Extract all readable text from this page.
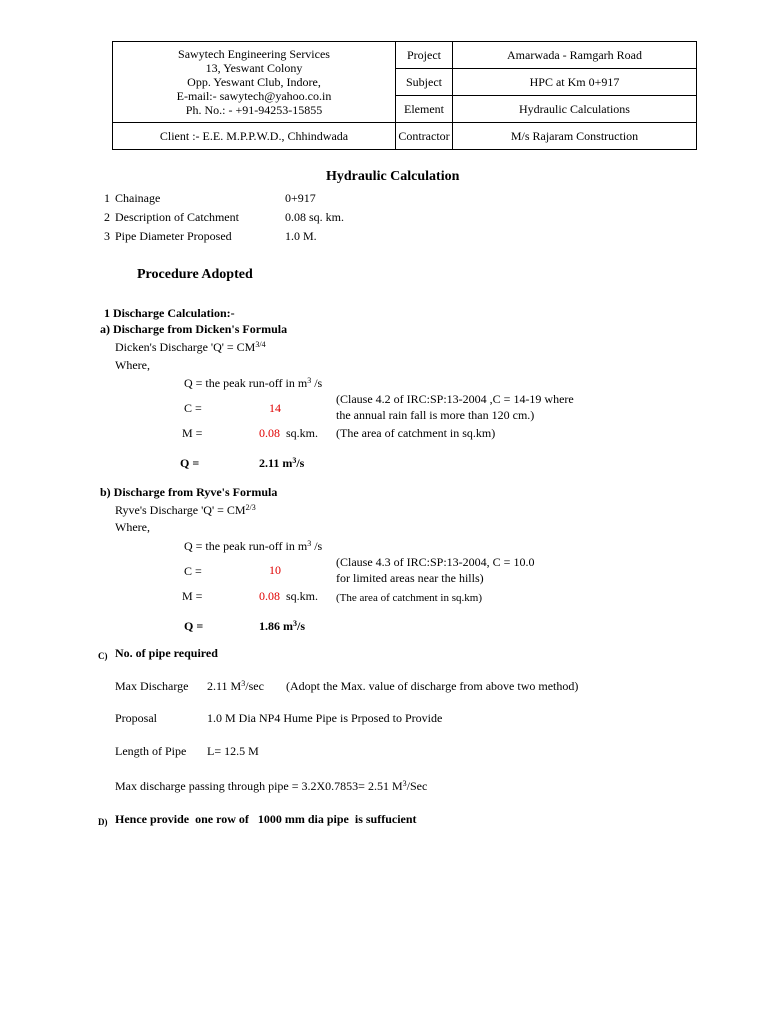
Sawytech Engineering Services
13, Yeswant Colony
Opp. Yeswant Club, Indore,
E-mail:- sawytech@yahoo.co.in
Ph. No.: - +91-94253-15855	Project	Amarwada - Ramgarh Road
	Subject	HPC at Km 0+917
	Element	Hydraulic Calculations
Client :- E.E. M.P.P.W.D., Chhindwada	Contractor	M/s Rajaram Construction
Hydraulic Calculation
1 Chainage	0+917
2 Description of Catchment	0.08 sq. km.
3 Pipe Diameter Proposed	1.0 M.
Procedure Adopted
1 Discharge Calculation:-
a) Discharge from Dicken's Formula
Dicken's Discharge '$Q' = CM^{3/4}$
Where,
Q = the peak run-off in $m^3$ /s
C =	14
(Clause 4.2 of IRC:SP:13-2004 ,C = 14-19 where
the annual rain fall is more than 120 cm.)
M =	0.08 sq.km. (The area of catchment in sq.km)
Q =	2.11 $m^3/s$
b) Discharge from Ryve's Formula
Ryve's Discharge '$Q' = CM^{2/3}$
Where,
Q = the peak run-off in $m^3$ /s
C =	10
(Clause 4.3 of IRC:SP:13-2004, C = 10.0
for limited areas near the hills)
M =	0.08 sq.km. (The area of catchment in sq.km)
Q =	1.86 $m^3/s$
C) No. of pipe required
Max Discharge 2.11 $M^3/\sec$ (Adopt the Max. value of discharge from above two method)
Proposal	1.0 M Dia NP4 Hume Pipe is Prposed to Provide
Length of Pipe L= 12.5 M
Max discharge passing through pipe = 3.2X0.7853= 2.51 $M^3$/Sec
D) Hence provide  one row of   1000 mm dia pipe  is suffucient
